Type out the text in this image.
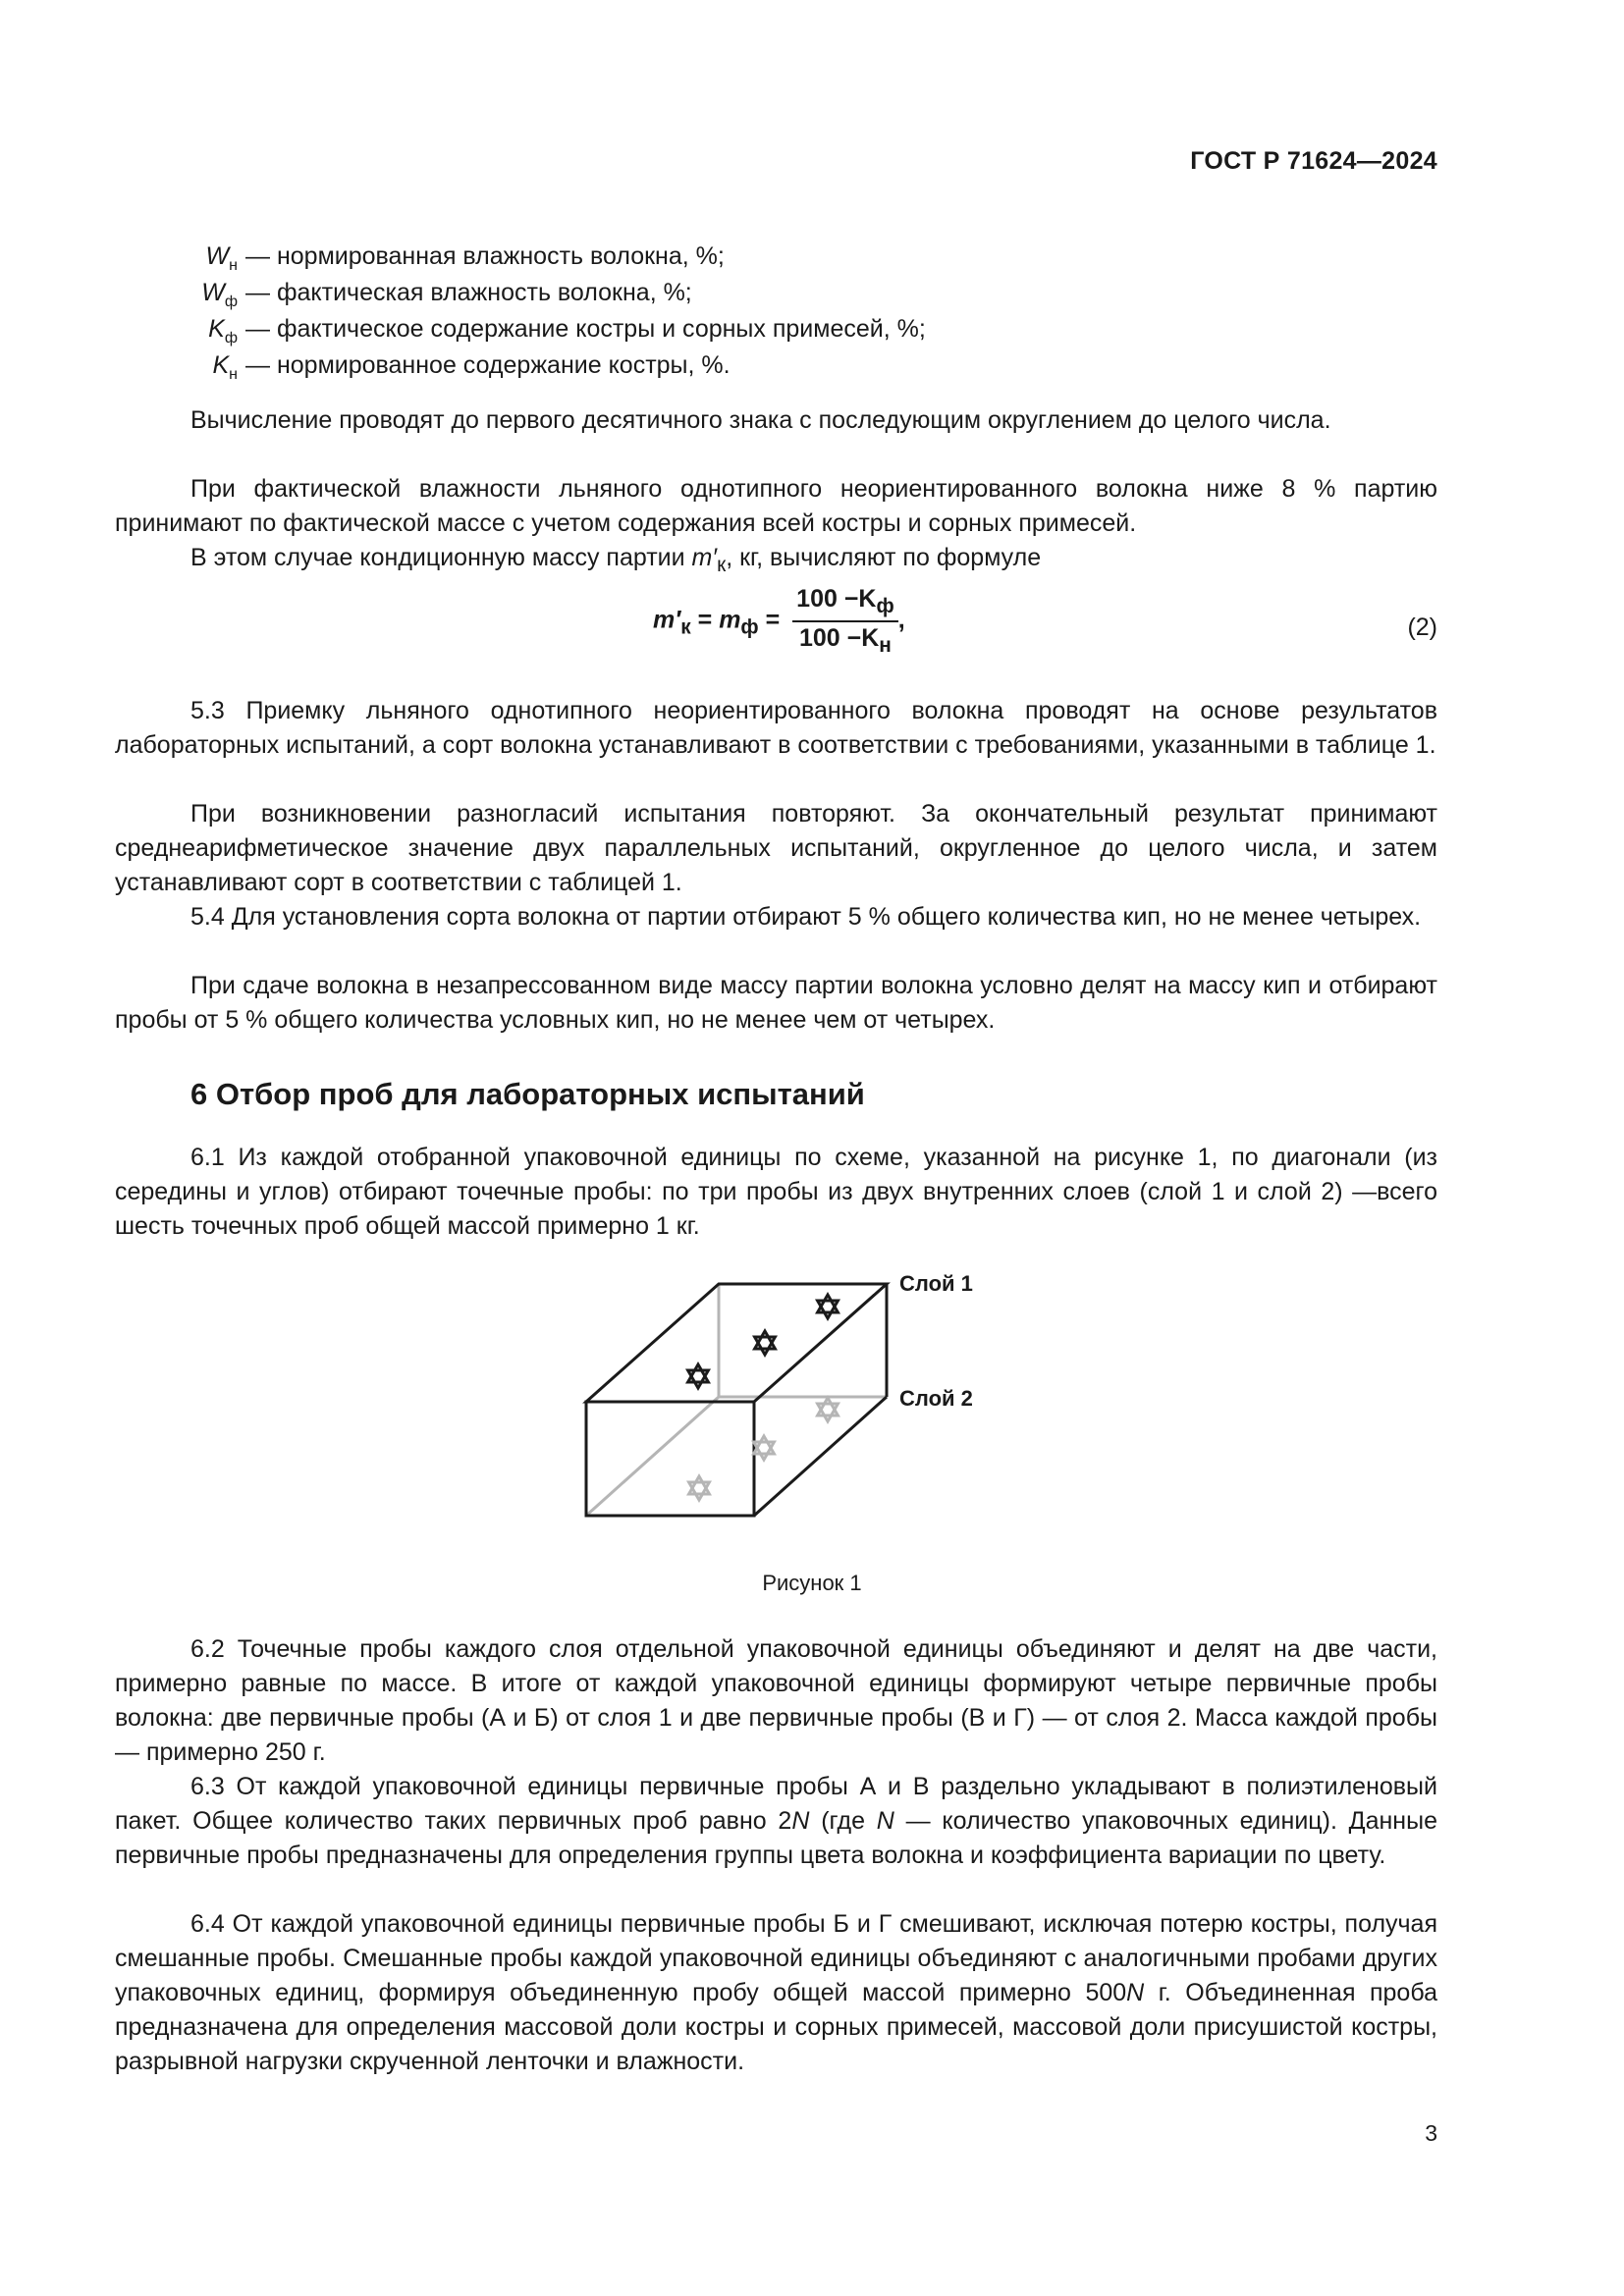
ГОСТ Р 71624—2024
$W_н$ — нормированная влажность волокна, %;
$W_ф$ — фактическая влажность волокна, %;
$K_ф$ — фактическое содержание костры и сорных примесей, %;
$K_н$ — нормированное содержание костры, %.
Вычисление проводят до первого десятичного знака с последующим округлением до целого числа.
При фактической влажности льняного однотипного неориентированного волокна ниже 8 % партию принимают по фактической массе с учетом содержания всей костры и сорных примесей.
В этом случае кондиционную массу партии $m'_к$, кг, вычисляют по формуле
$m'_к = m_ф = \frac{100 -K_ф}{100 -K_н}$ ,	(2)
5.3 Приемку льняного однотипного неориентированного волокна проводят на основе результатов лабораторных испытаний, а сорт волокна устанавливают в соответствии с требованиями, указанными в таблице 1.
При возникновении разногласий испытания повторяют. За окончательный результат принимают среднеарифметическое значение двух параллельных испытаний, округленное до целого числа, и затем устанавливают сорт в соответствии с таблицей 1.
5.4 Для установления сорта волокна от партии отбирают 5 % общего количества кип, но не менее четырех.
При сдаче волокна в незапрессованном виде массу партии волокна условно делят на массу кип и отбирают пробы от 5 % общего количества условных кип, но не менее чем от четырех.
6 Отбор проб для лабораторных испытаний
6.1 Из каждой отобранной упаковочной единицы по схеме, указанной на рисунке 1, по диагонали (из середины и углов) отбирают точечные пробы: по три пробы из двух внутренних слоев (слой 1 и слой 2) —всего шесть точечных проб общей массой примерно 1 кг.
Слой 1
Слой 2
Рисунок 1
6.2 Точечные пробы каждого слоя отдельной упаковочной единицы объединяют и делят на две части, примерно равные по массе. В итоге от каждой упаковочной единицы формируют четыре первичные пробы волокна: две первичные пробы (А и Б) от слоя 1 и две первичные пробы (В и Г) — от слоя 2. Масса каждой пробы — примерно 250 г.
6.3 От каждой упаковочной единицы первичные пробы А и В раздельно укладывают в полиэтиленовый пакет. Общее количество таких первичных проб равно 2N (где N — количество упаковочных единиц). Данные первичные пробы предназначены для определения группы цвета волокна и коэффициента вариации по цвету.
6.4 От каждой упаковочной единицы первичные пробы Б и Г смешивают, исключая потерю костры, получая смешанные пробы. Смешанные пробы каждой упаковочной единицы объединяют с аналогичными пробами других упаковочных единиц, формируя объединенную пробу общей массой примерно 500N г. Объединенная проба предназначена для определения массовой доли костры и сорных примесей, массовой доли присушистой костры, разрывной нагрузки скрученной ленточки и влажности.
3
